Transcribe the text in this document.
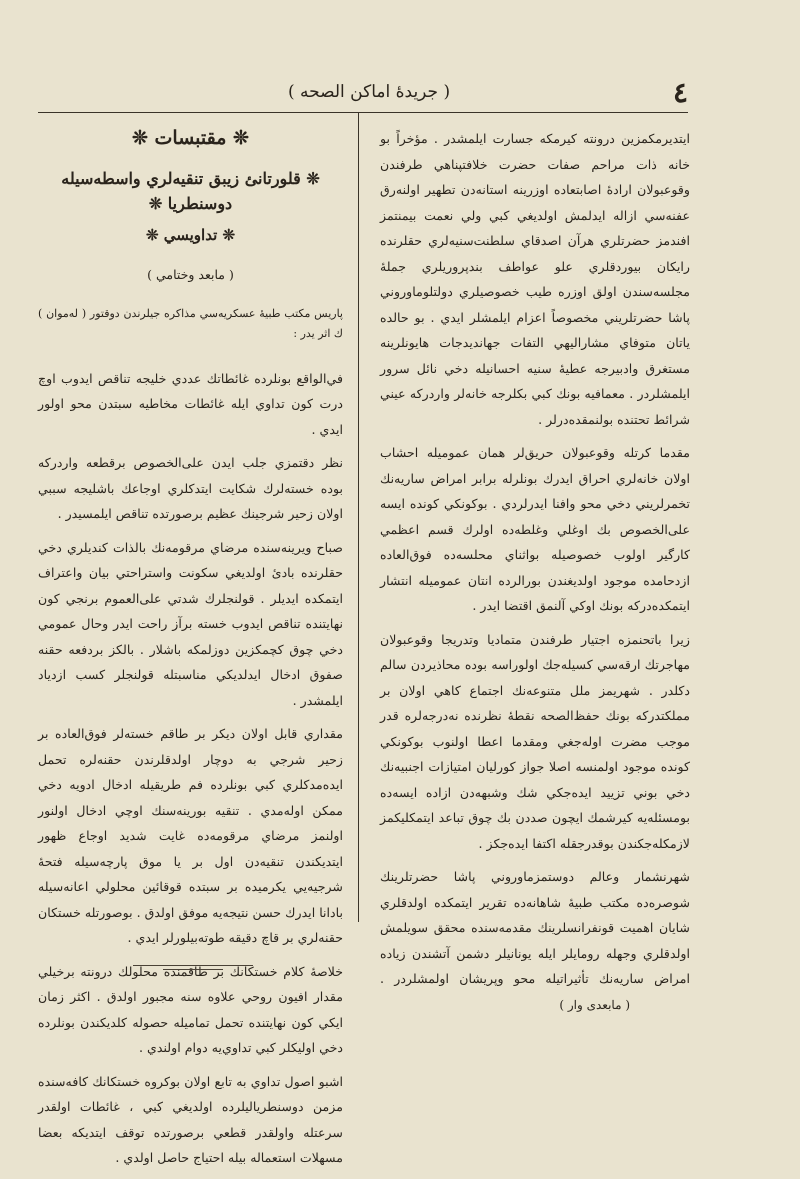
٤
( جريدۀ اماكن الصحه )

ايتديرمكمزين درونته كيرمكه جسارت ايلمشدر . مؤخراً بو خانه ذات مراحم صفات حضرت خلافتپناهي طرفندن وقوعبولان ارادۀ اصابتعاده اوزرينه استانه‌دن تطهير اولنه‌رق عفنه‌سي ازاله ايدلمش اولديغي كبي ولي نعمت بيمنتمز افندمز حضرتلري هرآن اصدقاي سلطنت‌سنيه‌لري حقلرنده رايكان بيوردقلري علو عواطف بندپروريلري جمله‌ٔ مجلسه‌سندن اولق اوزره طيب خصوصيلري دولتلوماوروني پاشا حضرتلريني مخصوصاً اعزام ايلمشلر ايدي . بو حالده ياتان متوفاي مشاراليهي التفات جهانديدجات هايونلرينه مستغرق وادبيرجه عطيۀ سنيه احسانيله دخي نائل سرور ايلمشلردر . معمافيه بونك كبي بكلرجه خانه‌لر واردركه عيني شرائط تحتنده بولنمقده‌درلر .

مقدما كرتله وقوعبولان حريق‌لر همان عموميله احشاب اولان خانه‌لري احراق ايدرك بونلرله برابر امراض ساريه‌نك تخمرلريني دخي محو وافنا ايدرلردي . بوكونكي كونده ايسه على‌الخصوص بك اوغلي وغلطه‌ده اولرك قسم اعظمي كارگير اولوب خصوصيله بواثناي محلسه‌ده فوق‌العاده ازدحامده موجود اولديغندن بورالرده انتان عموميله انتشار ايتمكده‌دركه بونك اوكي آلنمق اقتضا ايدر .

زيرا باتحنمزه اجتيار طرفندن متماديا وتدريجا وقوعبولان مهاجرتك ارقه‌سي كسيله‌جك اولوراسه بوده محاذيردن سالم دكلدر . شهريمز ملل متنوعه‌نك اجتماع كاهي اولان بر مملكتدركه بونك حفظ‌الصحه نقطۀ نظرنده نه‌درجه‌لره قدر موجب مضرت اوله‌جغي ومقدما اعطا اولنوب بوكونكي كونده موجود اولمنسه اصلا جواز كورليان امتيازات اجنبيه‌نك دخي بوني تزييد ايده‌جكي شك وشبهه‌دن ازاده ايسه‌ده بومسئله‌يه كيرشمك ايچون صددن بك چوق تباعد ايتمكليكمز لازمكله‌جكندن بوقدرجقله اكتفا ايده‌جكز .

شهرنشمار وعالم دوستمزماوروني پاشا حضرتلرينك شوصره‌ده مكتب طبيۀ شاهانه‌ده تقرير ايتمكده اولدقلري شايان اهميت قونفرانسلرينك مقدمه‌سنده محقق سويلمش اولدقلري وجهله رومايلر ايله يونانيلر دشمن آتشندن زياده امراض ساريه‌نك تأثيراتيله محو وپريشان اولمشلردر . ( مابعدى وار )

❊ مقتبسات ❊
❊ قلورتانئ زيبق تنقيه‌لري واسطه‌سيله دوسنطريا ❊
❊ تداويسي ❊
( مابعد وختامي )

پاريس مكتب طبيۀ عسكريه‌سي مذاكره جيلرندن دوقتور ( لەموان ) ك اثر يدر :

في‌الواقع بونلرده غائطاتك عددي خليجه تناقص ايدوب اوچ درت كون تداوي ايله غائطات مخاطيه سبتدن محو اولور ايدي .

نظر دقتمزي جلب ايدن على‌الخصوص برقطعه واردركه بوده خسته‌لرك شكايت ايتدكلري اوجاعك باشليجه سببي اولان زحير شرجينك عظيم برصورتده تناقص ايلمسيدر .

صباح ويرينه‌سنده مرضاي مرقومه‌نك بالذات كنديلري دخي حقلرنده بادئ اولديغي سكونت واستراحتي بيان واعتراف ايتمكده ايديلر . قولنجلرك شدتي على‌العموم برنجي كون نهايتنده تناقص ايدوب خسته برآز راحت ايدر وحال عمومي دخي چوق كچمكزين دوزلمكه باشلار . بالكز بردفعه حقنه صفوق ادخال ايدلديكي مناسبتله قولنجلر كسب ازدياد ايلمشدر .

مقداري قابل اولان ديكر بر طاقم خسته‌لر فوق‌العاده بر زحير شرجي به دوچار اولدقلرندن حقنه‌لره تحمل ايده‌مدكلري كبي بونلرده فم طريقيله ادخال ادويه دخي ممكن اوله‌مدي . تنقيه بورينه‌سنك اوچي ادخال اولنور اولنمز مرضاي مرقومه‌ده غايت شديد اوجاع ظهور ايتديكندن تنقيه‌دن اول بر يا موق پارچه‌سيله فتحۀ شرجيه‌يي يكرميده بر سبتده قوقائين محلولي اعانه‌سيله بادانا ايدرك حسن نتيجه‌يه موفق اولدق . بوصورتله خستكان حقنه‌لري بر قاچ دقيقه طوته‌بيلورلر ايدي .

خلاصۀ كلام خستكانك بر طاقمنده محلولك درونته برخيلي مقدار افيون روحي علاوه سنه مجبور اولدق . اكثر زمان ايكي كون نهايتنده تحمل تماميله حصوله كلديكندن بونلرده دخي اوليكلر كبي تداوي‌يه دوام اولندي .

اشبو اصول تداوي به تابع اولان بوكروه خستكانك كافه‌سنده مزمن دوسنطرياليلرده اولديغي كبي ، غائطات اولقدر سرعتله واولقدر قطعي برصورتده توقف ايتديكه بعضا مسهلات استعماله بيله احتياج حاصل اولدي .
